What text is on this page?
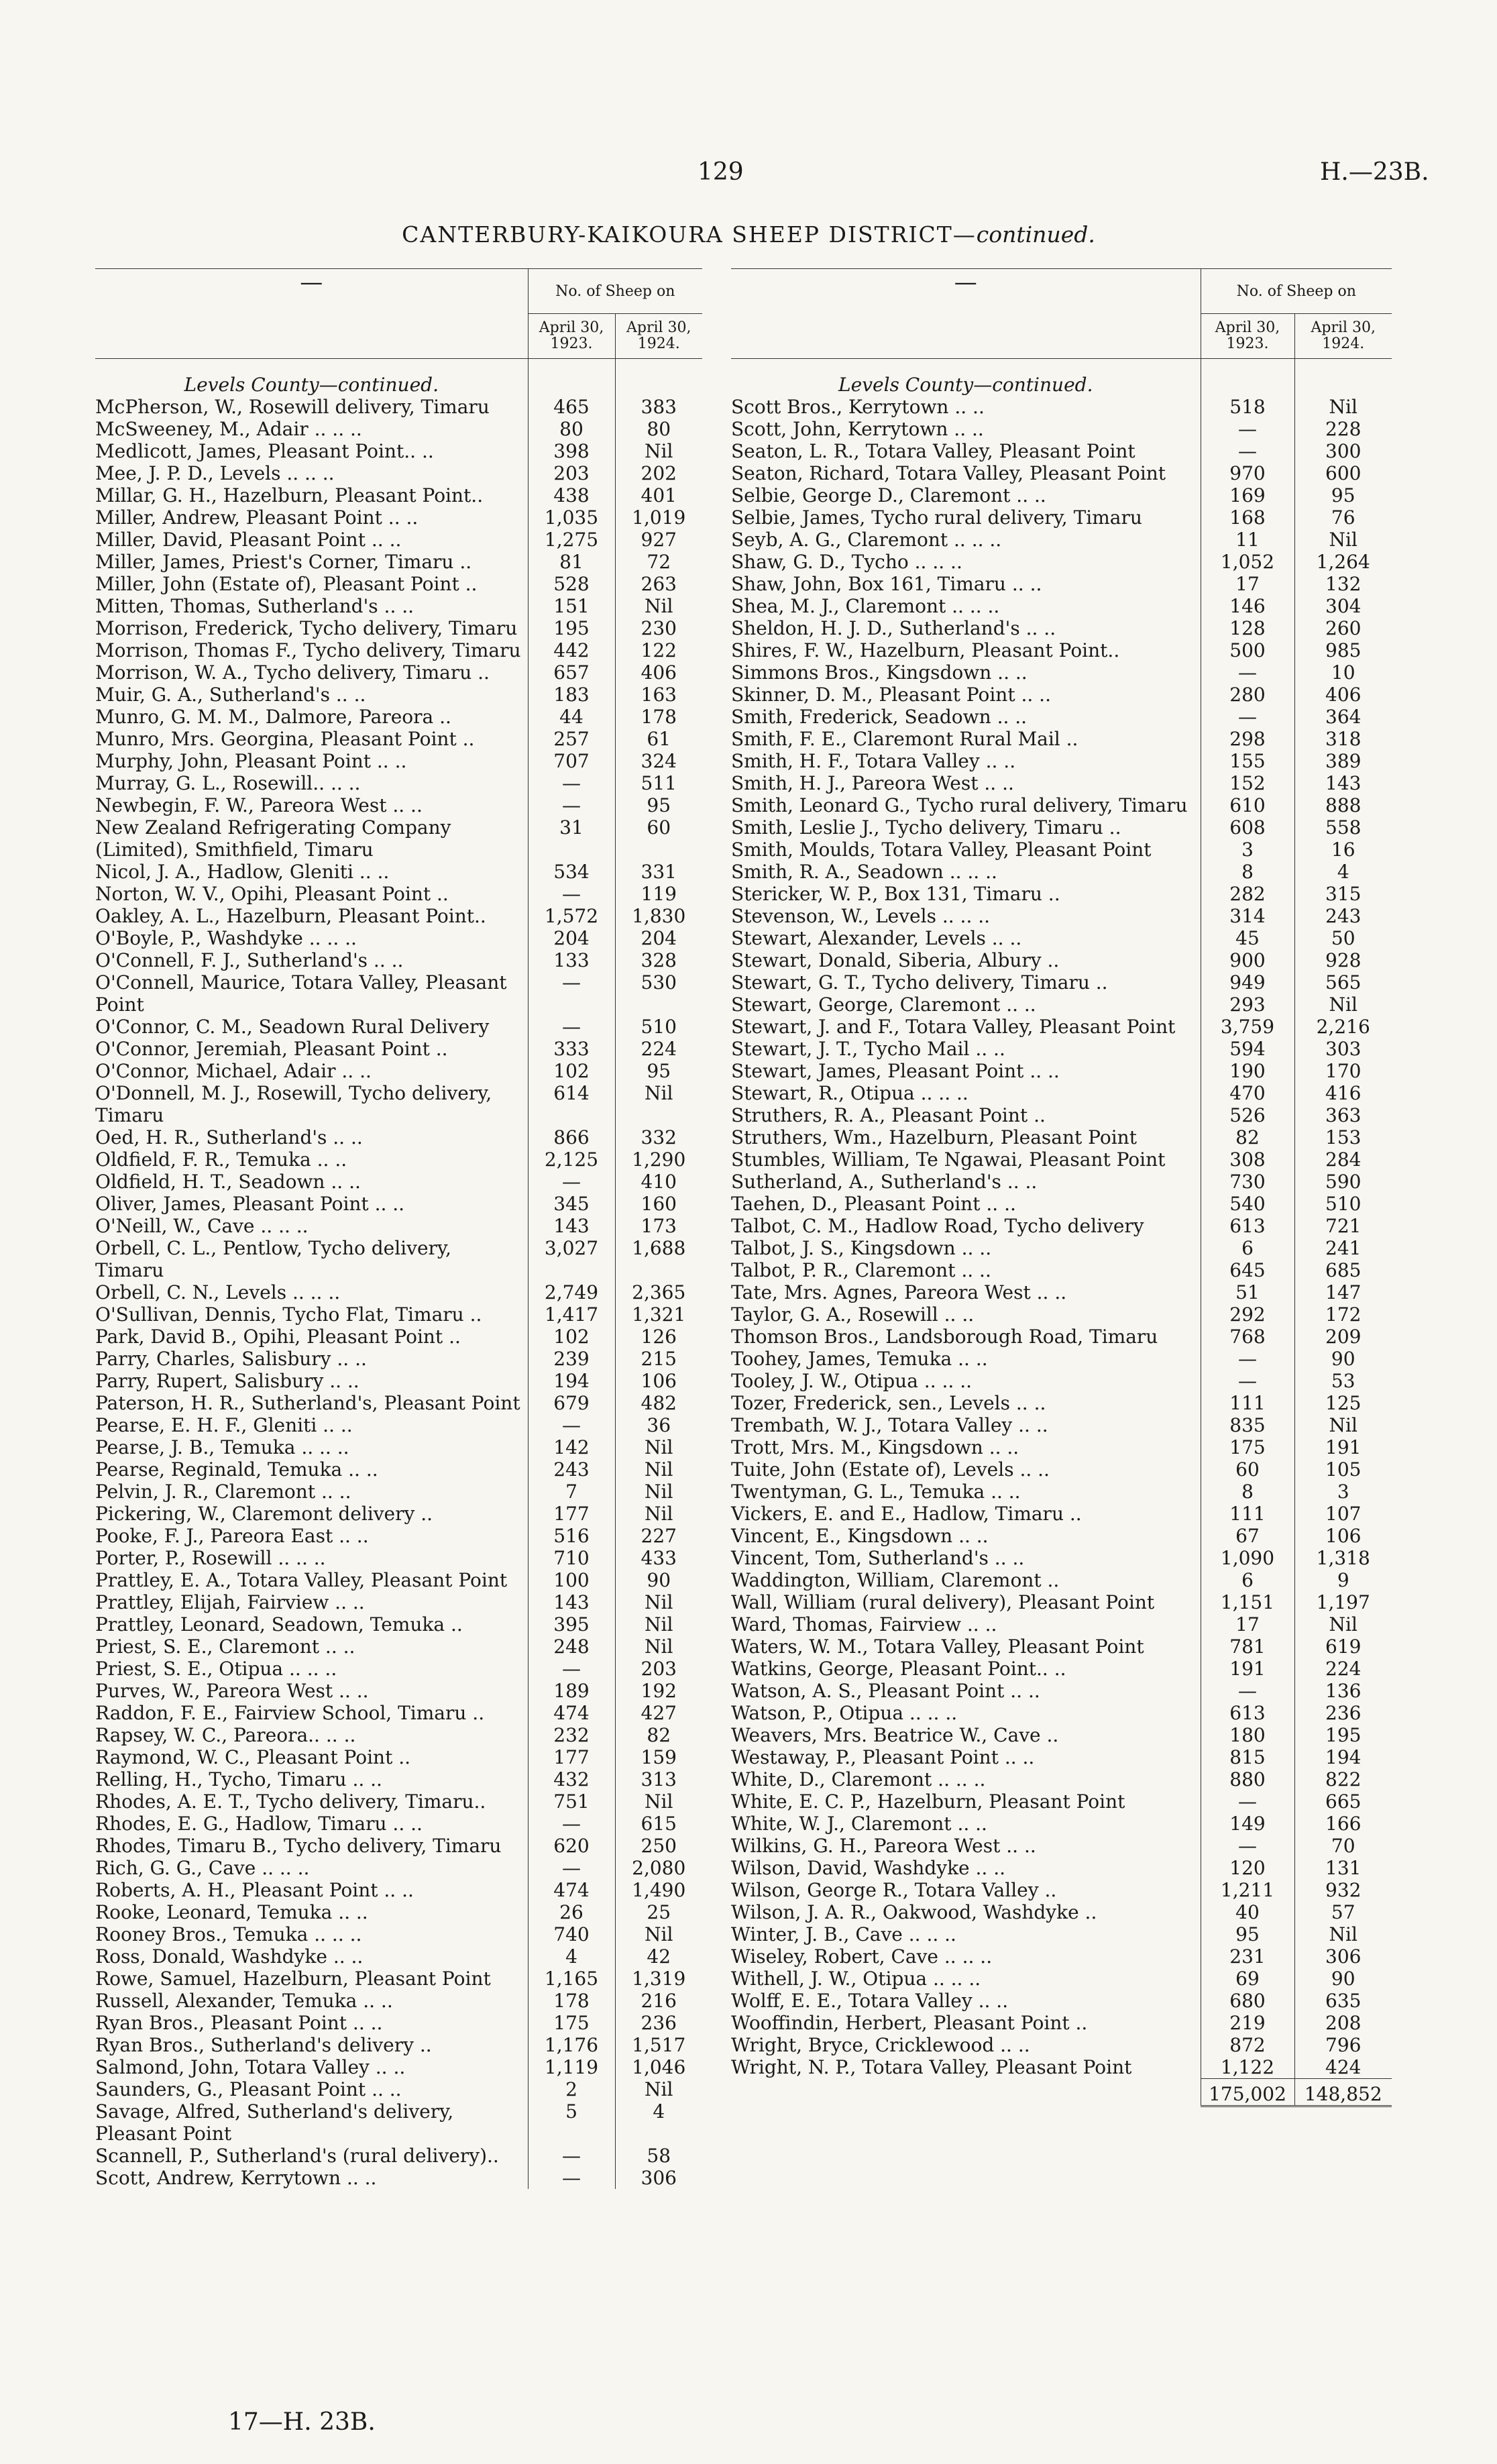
129	H.—23B.
CANTERBURY-KAIKOURA SHEEP DISTRICT—continued.
—	No. of Sheep on	
	April 30, 1923.	April 30, 1924.
Levels County—continued.		
McPherson, W., Rosewill delivery, Timaru	465	383
McSweeney, M., Adair .. .. ..	80	80
Medlicott, James, Pleasant Point.. ..	398	Nil
Mee, J. P. D., Levels .. .. ..	203	202
Millar, G. H., Hazelburn, Pleasant Point..	438	401
Miller, Andrew, Pleasant Point .. ..	1,035	1,019
Miller, David, Pleasant Point .. ..	1,275	927
Miller, James, Priest's Corner, Timaru ..	81	72
Miller, John (Estate of), Pleasant Point ..	528	263
Mitten, Thomas, Sutherland's .. ..	151	Nil
Morrison, Frederick, Tycho delivery, Timaru	195	230
Morrison, Thomas F., Tycho delivery, Timaru	442	122
Morrison, W. A., Tycho delivery, Timaru ..	657	406
Muir, G. A., Sutherland's .. ..	183	163
Munro, G. M. M., Dalmore, Pareora ..	44	178
Munro, Mrs. Georgina, Pleasant Point ..	257	61
Murphy, John, Pleasant Point .. ..	707	324
Murray, G. L., Rosewill.. .. ..	—	511
Newbegin, F. W., Pareora West .. ..	—	95
New Zealand Refrigerating Company (Limited), Smithfield, Timaru	31	60
Nicol, J. A., Hadlow, Gleniti .. ..	534	331
Norton, W. V., Opihi, Pleasant Point ..	—	119
Oakley, A. L., Hazelburn, Pleasant Point..	1,572	1,830
O'Boyle, P., Washdyke .. .. ..	204	204
O'Connell, F. J., Sutherland's .. ..	133	328
O'Connell, Maurice, Totara Valley, Pleasant Point	—	530
O'Connor, C. M., Seadown Rural Delivery	—	510
O'Connor, Jeremiah, Pleasant Point ..	333	224
O'Connor, Michael, Adair .. ..	102	95
O'Donnell, M. J., Rosewill, Tycho delivery, Timaru	614	Nil
Oed, H. R., Sutherland's .. ..	866	332
Oldfield, F. R., Temuka .. ..	2,125	1,290
Oldfield, H. T., Seadown .. ..	—	410
Oliver, James, Pleasant Point .. ..	345	160
O'Neill, W., Cave .. .. ..	143	173
Orbell, C. L., Pentlow, Tycho delivery, Timaru	3,027	1,688
Orbell, C. N., Levels .. .. ..	2,749	2,365
O'Sullivan, Dennis, Tycho Flat, Timaru ..	1,417	1,321
Park, David B., Opihi, Pleasant Point ..	102	126
Parry, Charles, Salisbury .. ..	239	215
Parry, Rupert, Salisbury .. ..	194	106
Paterson, H. R., Sutherland's, Pleasant Point	679	482
Pearse, E. H. F., Gleniti .. ..	—	36
Pearse, J. B., Temuka .. .. ..	142	Nil
Pearse, Reginald, Temuka .. ..	243	Nil
Pelvin, J. R., Claremont .. ..	7	Nil
Pickering, W., Claremont delivery ..	177	Nil
Pooke, F. J., Pareora East .. ..	516	227
Porter, P., Rosewill .. .. ..	710	433
Prattley, E. A., Totara Valley, Pleasant Point	100	90
Prattley, Elijah, Fairview .. ..	143	Nil
Prattley, Leonard, Seadown, Temuka ..	395	Nil
Priest, S. E., Claremont .. ..	248	Nil
Priest, S. E., Otipua .. .. ..	—	203
Purves, W., Pareora West .. ..	189	192
Raddon, F. E., Fairview School, Timaru ..	474	427
Rapsey, W. C., Pareora.. .. ..	232	82
Raymond, W. C., Pleasant Point ..	177	159
Relling, H., Tycho, Timaru .. ..	432	313
Rhodes, A. E. T., Tycho delivery, Timaru..	751	Nil
Rhodes, E. G., Hadlow, Timaru .. ..	—	615
Rhodes, Timaru B., Tycho delivery, Timaru	620	250
Rich, G. G., Cave .. .. ..	—	2,080
Roberts, A. H., Pleasant Point .. ..	474	1,490
Rooke, Leonard, Temuka .. ..	26	25
Rooney Bros., Temuka .. .. ..	740	Nil
Ross, Donald, Washdyke .. ..	4	42
Rowe, Samuel, Hazelburn, Pleasant Point	1,165	1,319
Russell, Alexander, Temuka .. ..	178	216
Ryan Bros., Pleasant Point .. ..	175	236
Ryan Bros., Sutherland's delivery ..	1,176	1,517
Salmond, John, Totara Valley .. ..	1,119	1,046
Saunders, G., Pleasant Point .. ..	2	Nil
Savage, Alfred, Sutherland's delivery, Pleasant Point	5	4
Scannell, P., Sutherland's (rural delivery)..	—	58
Scott, Andrew, Kerrytown .. ..	—	306
—	No. of Sheep on	
	April 30, 1923.	April 30, 1924.
Levels County—continued.		
Scott Bros., Kerrytown .. ..	518	Nil
Scott, John, Kerrytown .. ..	—	228
Seaton, L. R., Totara Valley, Pleasant Point	—	300
Seaton, Richard, Totara Valley, Pleasant Point	970	600
Selbie, George D., Claremont .. ..	169	95
Selbie, James, Tycho rural delivery, Timaru	168	76
Seyb, A. G., Claremont .. .. ..	11	Nil
Shaw, G. D., Tycho .. .. ..	1,052	1,264
Shaw, John, Box 161, Timaru .. ..	17	132
Shea, M. J., Claremont .. .. ..	146	304
Sheldon, H. J. D., Sutherland's .. ..	128	260
Shires, F. W., Hazelburn, Pleasant Point..	500	985
Simmons Bros., Kingsdown .. ..	—	10
Skinner, D. M., Pleasant Point .. ..	280	406
Smith, Frederick, Seadown .. ..	—	364
Smith, F. E., Claremont Rural Mail ..	298	318
Smith, H. F., Totara Valley .. ..	155	389
Smith, H. J., Pareora West .. ..	152	143
Smith, Leonard G., Tycho rural delivery, Timaru	610	888
Smith, Leslie J., Tycho delivery, Timaru ..	608	558
Smith, Moulds, Totara Valley, Pleasant Point	3	16
Smith, R. A., Seadown .. .. ..	8	4
Stericker, W. P., Box 131, Timaru ..	282	315
Stevenson, W., Levels .. .. ..	314	243
Stewart, Alexander, Levels .. ..	45	50
Stewart, Donald, Siberia, Albury ..	900	928
Stewart, G. T., Tycho delivery, Timaru ..	949	565
Stewart, George, Claremont .. ..	293	Nil
Stewart, J. and F., Totara Valley, Pleasant Point	3,759	2,216
Stewart, J. T., Tycho Mail .. ..	594	303
Stewart, James, Pleasant Point .. ..	190	170
Stewart, R., Otipua .. .. ..	470	416
Struthers, R. A., Pleasant Point ..	526	363
Struthers, Wm., Hazelburn, Pleasant Point	82	153
Stumbles, William, Te Ngawai, Pleasant Point	308	284
Sutherland, A., Sutherland's .. ..	730	590
Taehen, D., Pleasant Point .. ..	540	510
Talbot, C. M., Hadlow Road, Tycho delivery	613	721
Talbot, J. S., Kingsdown .. ..	6	241
Talbot, P. R., Claremont .. ..	645	685
Tate, Mrs. Agnes, Pareora West .. ..	51	147
Taylor, G. A., Rosewill .. ..	292	172
Thomson Bros., Landsborough Road, Timaru	768	209
Toohey, James, Temuka .. ..	—	90
Tooley, J. W., Otipua .. .. ..	—	53
Tozer, Frederick, sen., Levels .. ..	111	125
Trembath, W. J., Totara Valley .. ..	835	Nil
Trott, Mrs. M., Kingsdown .. ..	175	191
Tuite, John (Estate of), Levels .. ..	60	105
Twentyman, G. L., Temuka .. ..	8	3
Vickers, E. and E., Hadlow, Timaru ..	111	107
Vincent, E., Kingsdown .. ..	67	106
Vincent, Tom, Sutherland's .. ..	1,090	1,318
Waddington, William, Claremont ..	6	9
Wall, William (rural delivery), Pleasant Point	1,151	1,197
Ward, Thomas, Fairview .. ..	17	Nil
Waters, W. M., Totara Valley, Pleasant Point	781	619
Watkins, George, Pleasant Point.. ..	191	224
Watson, A. S., Pleasant Point .. ..	—	136
Watson, P., Otipua .. .. ..	613	236
Weavers, Mrs. Beatrice W., Cave ..	180	195
Westaway, P., Pleasant Point .. ..	815	194
White, D., Claremont .. .. ..	880	822
White, E. C. P., Hazelburn, Pleasant Point	—	665
White, W. J., Claremont .. ..	149	166
Wilkins, G. H., Pareora West .. ..	—	70
Wilson, David, Washdyke .. ..	120	131
Wilson, George R., Totara Valley ..	1,211	932
Wilson, J. A. R., Oakwood, Washdyke ..	40	57
Winter, J. B., Cave .. .. ..	95	Nil
Wiseley, Robert, Cave .. .. ..	231	306
Withell, J. W., Otipua .. .. ..	69	90
Wolff, E. E., Totara Valley .. ..	680	635
Wooffindin, Herbert, Pleasant Point ..	219	208
Wright, Bryce, Cricklewood .. ..	872	796
Wright, N. P., Totara Valley, Pleasant Point	1,122	424
	175,002	148,852
17—H. 23B.
